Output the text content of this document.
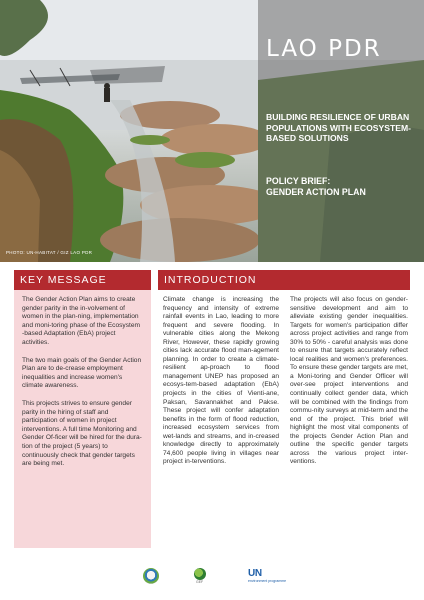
LAO PDR
BUILDING RESILIENCE OF URBAN POPULATIONS WITH ECOSYSTEM-BASED SOLUTIONS
POLICY BRIEF:
GENDER ACTION PLAN
PHOTO: UN-HABITAT / GIZ LAO PDR
KEY MESSAGE

The Gender Action Plan aims to create gender parity in the in-volvement of women in the plan-ning, implementation and moni-toring phase of the Ecosystem -based Adaptation (EbA) project activities.

The two main goals of the Gender Action Plan are to de-crease employment inequalities and increase women's climate awareness.

This projects strives to ensure gender parity in the hiring of staff and participation of women in project interventions. A full time Monitoring and Gender Of-ficer will be hired for the dura-tion of the project (5 years) to continuously check that gender targets are being met.

INTRODUCTION
Climate change is increasing the frequency and intensity of extreme rainfall events in Lao, leading to more frequent and severe flooding. In vulnerable cities along the Mekong River, However, these rapidly growing cities lack accurate flood man-agement planning. In order to create a climate-resilient ap-proach to flood management UNEP has proposed an ecosys-tem-based adaptation (EbA) projects in the cities of Vienti-ane, Paksan, Savannakhet and Pakse. These project will confer adaptation benefits in the form of flood reduction, increased ecosystem services from wet-lands and streams, and in-creased knowledge directly to approximately 74,600 people living in villages near project in-terventions.
The projects will also focus on gender-sensitive development and aim to alleviate existing gender inequalities. Targets for women's participation differ across project activities and range from 30% to 50% - careful analysis was done to ensure that targets accurately reflect local realities and women's preferences. To ensure these gender targets are met, a Moni-toring and Gender Officer will over-see project interventions and continually collect gender data, which will be combined with the findings from commu-nity surveys at mid-term and the end of the project. This brief will highlight the most vital components of the projects Gender Action Plan and outline the specific gender targets across the various project inter-ventions.
GEF
UN
environment programme
